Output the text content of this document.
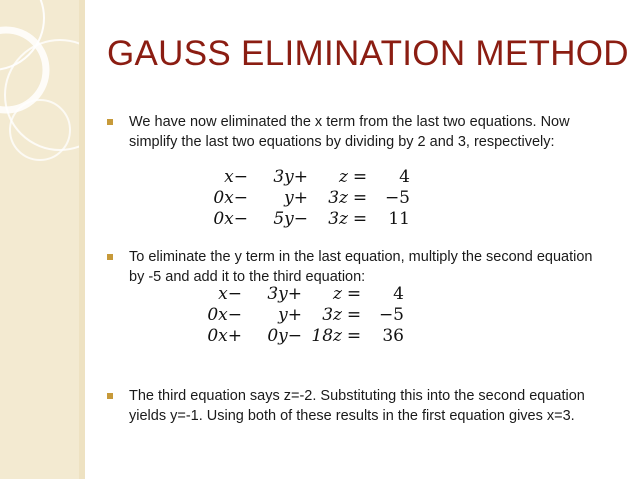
GAUSS ELIMINATION METHOD
We have now eliminated the x term from the last two equations. Now simplify the last two equations by dividing by 2 and 3, respectively:
x−	3y+	z	=	4
0x−	y+	3z	=	−5
0x−	5y−	3z	=	11
To eliminate the y term in the last equation, multiply the second equation by -5 and add it to the third equation:
x−	3y+	z	=	4
0x−	y+	3z	=	−5
0x+	0y−	18z	=	36
The third equation says z=-2. Substituting this into the second equation yields y=-1. Using both of these results in the first equation gives x=3.
